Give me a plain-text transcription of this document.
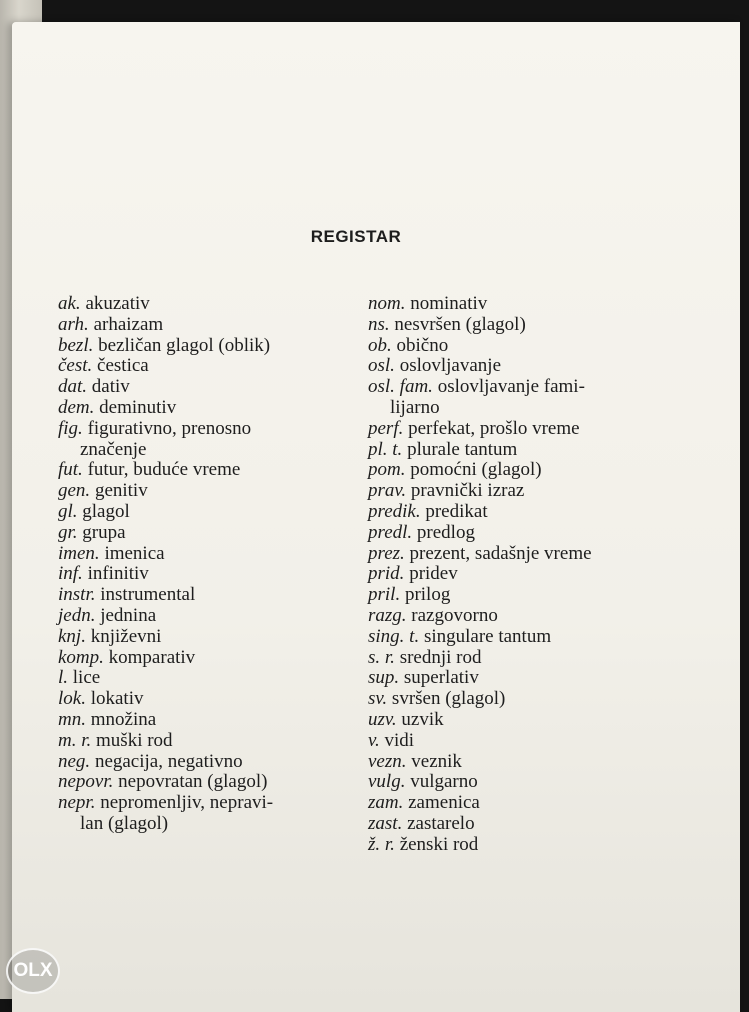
REGISTAR
ak. akuzativ
arh. arhaizam
bezl. bezličan glagol (oblik)
čest. čestica
dat. dativ
dem. deminutiv
fig. figurativno, prenosno
značenje
fut. futur, buduće vreme
gen. genitiv
gl. glagol
gr. grupa
imen. imenica
inf. infinitiv
instr. instrumental
jedn. jednina
knj. književni
komp. komparativ
l. lice
lok. lokativ
mn. množina
m. r. muški rod
neg. negacija, negativno
nepovr. nepovratan (glagol)
nepr. nepromenljiv, nepravi-
lan (glagol)
nom. nominativ
ns. nesvršen (glagol)
ob. obično
osl. oslovljavanje
osl. fam. oslovljavanje fami-
lijarno
perf. perfekat, prošlo vreme
pl. t. plurale tantum
pom. pomoćni (glagol)
prav. pravnički izraz
predik. predikat
predl. predlog
prez. prezent, sadašnje vreme
prid. pridev
pril. prilog
razg. razgovorno
sing. t. singulare tantum
s. r. srednji rod
sup. superlativ
sv. svršen (glagol)
uzv. uzvik
v. vidi
vezn. veznik
vulg. vulgarno
zam. zamenica
zast. zastarelo
ž. r. ženski rod
OLX
